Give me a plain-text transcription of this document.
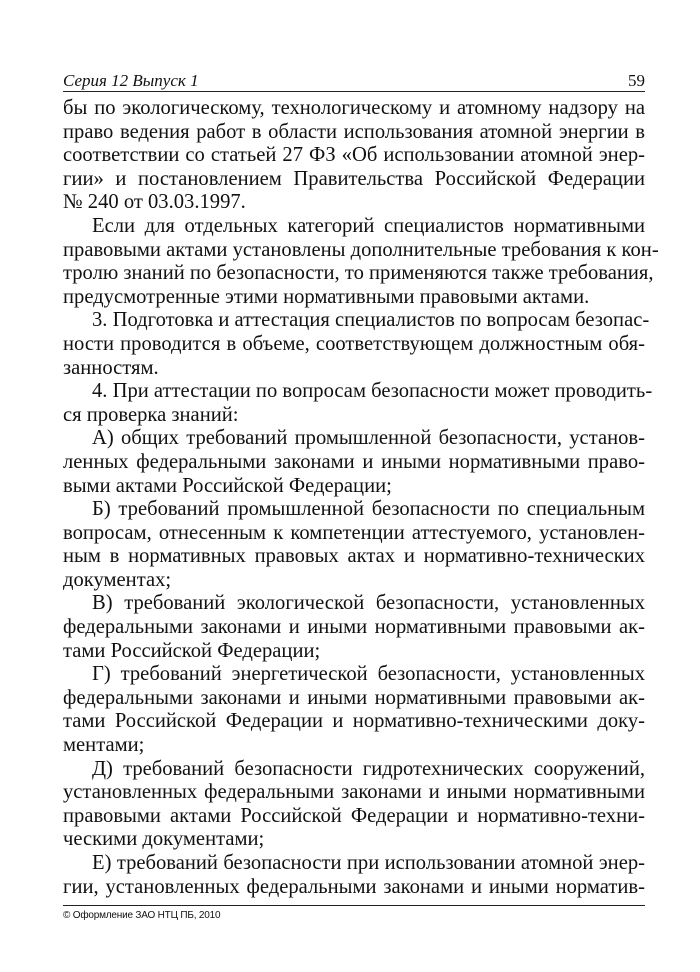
Серия 12 Выпуск 1	59
бы по экологическому, технологическому и атомному надзору на
право ведения работ в области использования атомной энергии в
соответствии со статьей 27 ФЗ «Об использовании атомной энер-
гии» и постановлением Правительства Российской Федерации
№ 240 от 03.03.1997.
Если для отдельных категорий специалистов нормативными
правовыми актами установлены дополнительные требования к кон-
тролю знаний по безопасности, то применяются также требования,
предусмотренные этими нормативными правовыми актами.
3. Подготовка и аттестация специалистов по вопросам безопас-
ности проводится в объеме, соответствующем должностным обя-
занностям.
4. При аттестации по вопросам безопасности может проводить-
ся проверка знаний:
А) общих требований промышленной безопасности, установ-
ленных федеральными законами и иными нормативными право-
выми актами Российской Федерации;
Б) требований промышленной безопасности по специальным
вопросам, отнесенным к компетенции аттестуемого, установлен-
ным в нормативных правовых актах и нормативно-технических
документах;
В) требований экологической безопасности, установленных
федеральными законами и иными нормативными правовыми ак-
тами Российской Федерации;
Г) требований энергетической безопасности, установленных
федеральными законами и иными нормативными правовыми ак-
тами Российской Федерации и нормативно-техническими доку-
ментами;
Д) требований безопасности гидротехнических сооружений,
установленных федеральными законами и иными нормативными
правовыми актами Российской Федерации и нормативно-техни-
ческими документами;
Е) требований безопасности при использовании атомной энер-
гии, установленных федеральными законами и иными норматив-
© Оформление ЗАО НТЦ ПБ, 2010
